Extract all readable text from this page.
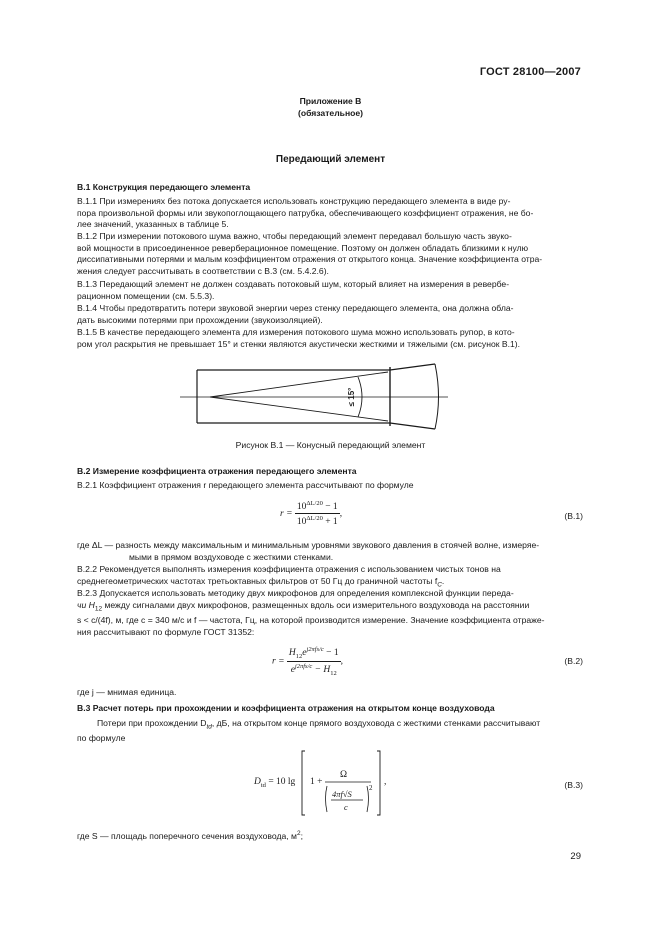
ГОСТ 28100—2007
Приложение В
(обязательное)
Передающий элемент
В.1 Конструкция передающего элемента
В.1.1 При измерениях без потока допускается использовать конструкцию передающего элемента в виде ру-
пора произвольной формы или звукопоглощающего патрубка, обеспечивающего коэффициент отражения, не бо-
лее значений, указанных в таблице 5.
В.1.2 При измерении потокового шума важно, чтобы передающий элемент передавал большую часть звуко-
вой мощности в присоединенное реверберационное помещение. Поэтому он должен обладать близкими к нулю
диссипативными потерями и малым коэффициентом отражения от открытого конца. Значение коэффициента отра-
жения следует рассчитывать в соответствии с В.3 (см. 5.4.2.6).
В.1.3 Передающий элемент не должен создавать потоковый шум, который влияет на измерения в ревербе-
рационном помещении (см. 5.5.3).
В.1.4 Чтобы предотвратить потери звуковой энергии через стенку передающего элемента, она должна обла-
дать высокими потерями при прохождении (звукоизоляцией).
В.1.5 В качестве передающего элемента для измерения потокового шума можно использовать рупор, в кото-
ром угол раскрытия не превышает 15° и стенки являются акустически жесткими и тяжелыми (см. рисунок В.1).
≤ 15°
Рисунок В.1 — Конусный передающий элемент
В.2 Измерение коэффициента отражения передающего элемента
В.2.1 Коэффициент отражения r передающего элемента рассчитывают по формуле
$r = \frac{10^{\Delta L/20} - 1}{10^{\Delta L/20} + 1}$ ,	(В.1)
где ΔL — разность между максимальным и минимальным уровнями звукового давления в стоячей волне, измеряе-
мыми в прямом воздуховоде с жесткими стенками.
В.2.2 Рекомендуется выполнять измерения коэффициента отражения с использованием чистых тонов на
среднегеометрических частотах третьоктавных фильтров от 50 Гц до граничной частоты $f_C$.
В.2.3 Допускается использовать методику двух микрофонов для определения комплексной функции переда-
чи $H_{12}$ между сигналами двух микрофонов, размещенных вдоль оси измерительного воздуховода на расстоянии
s < c/(4f), м, где c = 340 м/с и f — частота, Гц, на которой производится измерение. Значение коэффициента отраже-
ния рассчитывают по формуле ГОСТ 31352:
$r = \frac{H_{12}e^{j2\pi fs/c} - 1}{e^{j2\pi fs/c} - H_{12}}$ ,	(В.2)
где j — мнимая единица.
В.3 Расчет потерь при прохождении и коэффициента отражения на открытом конце воздуховода
Потери при прохождении $D_{td}$, дБ, на открытом конце прямого воздуховода с жесткими стенками рассчитывают
по формуле
$D_{td} = 10$ lg 1 +
Ω
4πf√S
c
2
,	(В.3)
где S — площадь поперечного сечения воздуховода, $м^2$;
29
